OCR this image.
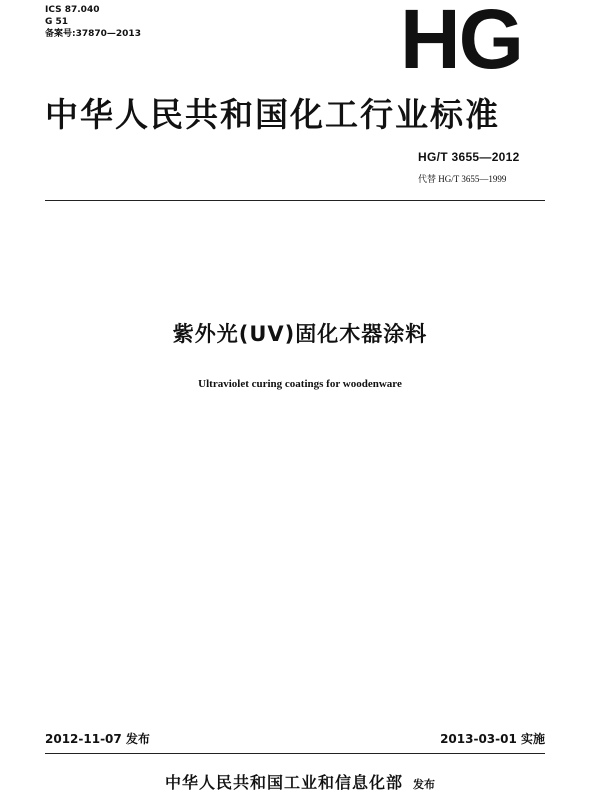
ICS 87.040
G 51
备案号:37870—2013	HG
中华人民共和国化工行业标准
HG/T 3655—2012
代替 HG/T 3655—1999
紫外光(UV)固化木器涂料
Ultraviolet curing coatings for woodenware
2012-11-07 发布	2013-03-01 实施
中华人民共和国工业和信息化部 发布
